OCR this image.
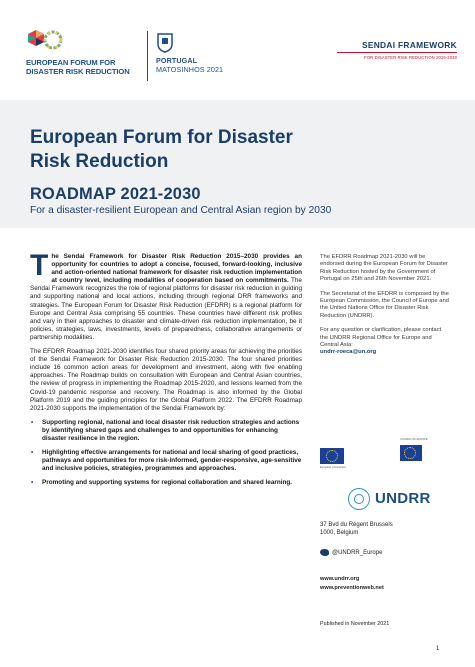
EUROPEAN FORUM FOR
DISASTER RISK REDUCTION
PORTUGAL
MATOSINHOS 2021
SENDAI FRAMEWORK
FOR DISASTER RISK REDUCTION 2015-2030
European Forum for Disaster
Risk Reduction
ROADMAP 2021-2030
For a disaster-resilient European and Central Asian region by 2030

The Sendai Framework for Disaster Risk Reduction 2015–2030 provides an opportunity for countries to adopt a concise, focused, forward-looking, inclusive and action-oriented national framework for disaster risk reduction implementation at country level, including modalities of cooperation based on commitments. The Sendai Framework recognizes the role of regional platforms for disaster risk reduction in guiding and supporting national and local actions, including through regional DRR frameworks and strategies. The European Forum for Disaster Risk Reduction (EFDRR) is a regional platform for Europe and Central Asia comprising 55 countries. These countries have different risk profiles and vary in their approaches to disaster and climate-driven risk reduction implementation, be it policies, strategies, laws, investments, levels of preparedness, collaborative arrangements or partnership modalities.

The EFDRR Roadmap 2021-2030 identifies four shared priority areas for achieving the priorities of the Sendai Framework for Disaster Risk Reduction 2015-2030. The four shared priorities include 16 common action areas for development and investment, along with five enabling approaches. The Roadmap builds on consultation with European and Central Asian countries, the review of progress in implementing the Roadmap 2015-2020, and lessons learned from the Covid-19 pandemic response and recovery. The Roadmap is also informed by the Global Platform 2019 and the guiding principles for the Global Platform 2022. The EFDRR Roadmap 2021-2030 supports the implementation of the Sendai Framework by:

• Supporting regional, national and local disaster risk reduction strategies and actions by identifying shared gaps and challenges to and opportunities for enhancing disaster resilience in the region.
• Highlighting effective arrangements for national and local sharing of good practices, pathways and opportunities for more risk-informed, gender-responsive, age-sensitive and inclusive policies, strategies, programmes and approaches.
• Promoting and supporting systems for regional collaboration and shared learning.

The EFDRR Roadmap 2021-2030 will be endorsed during the European Forum for Disaster Risk Reduction hosted by the Government of Portugal on 25th and 26th November 2021.

The Secretariat of the EFDRR is composed by the European Commission, the Council of Europe and the United Nations Office for Disaster Risk Reduction (UNDRR).

For any question or clarification, please contact the UNDRR Regional Office for Europe and Central Asia:
undrr-roeca@un.org

European Commission
COUNCIL OF EUROPE
UNDRR
37 Bvd du Régent Brussels
1000, Belgium
@UNDRR_Europe
www.undrr.org
www.preventionweb.net
Published in November 2021
1
